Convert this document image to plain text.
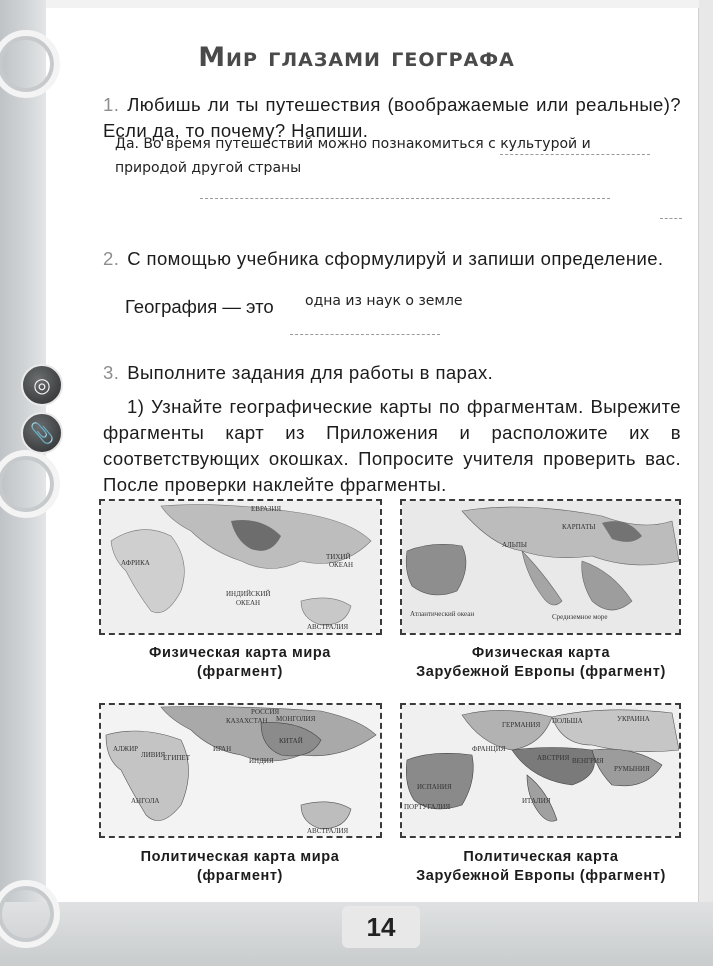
◎
📎
Мир глазами географа
1. Любишь ли ты путешествия (воображаемые или реальные)? Если да, то почему? Напиши.
Да. Во время путешествий можно познакомиться с культурой и
природой другой страны
2. С помощью учебника сформулируй и запиши определение.
География — это одна из наук о земле
3. Выполните задания для работы в парах.
1) Узнайте географические карты по фрагментам. Вырежите фрагменты карт из Приложения и расположите их в соответствующих окошках. Попросите учителя проверить вас. После проверки наклейте фрагменты.
АФРИКА
АВСТРАЛИЯ
ИНДИЙСКИЙ
ОКЕАН
ТИХИЙ
ОКЕАН
ЕВРАЗИЯ
Физическая карта мира
(фрагмент)
КАРПАТЫ
АЛЬПЫ
Средиземное море
Атлантический океан
Физическая карта
Зарубежной Европы (фрагмент)
РОССИЯ
КАЗАХСТАН МОНГОЛИЯ
КИТАЙ
ИРАН
ИНДИЯ
АЛЖИР
ЛИВИЯ
ЕГИПЕТ
АНГОЛА
АВСТРАЛИЯ
Политическая карта мира
(фрагмент)
ГЕРМАНИЯ ПОЛЬША	УКРАИНА
ФРАНЦИЯ
АВСТРИЯ ВЕНГРИЯ
РУМЫНИЯ
ИСПАНИЯ
ПОРТУГАЛИЯ
ИТАЛИЯ
Политическая карта
Зарубежной Европы (фрагмент)
14
